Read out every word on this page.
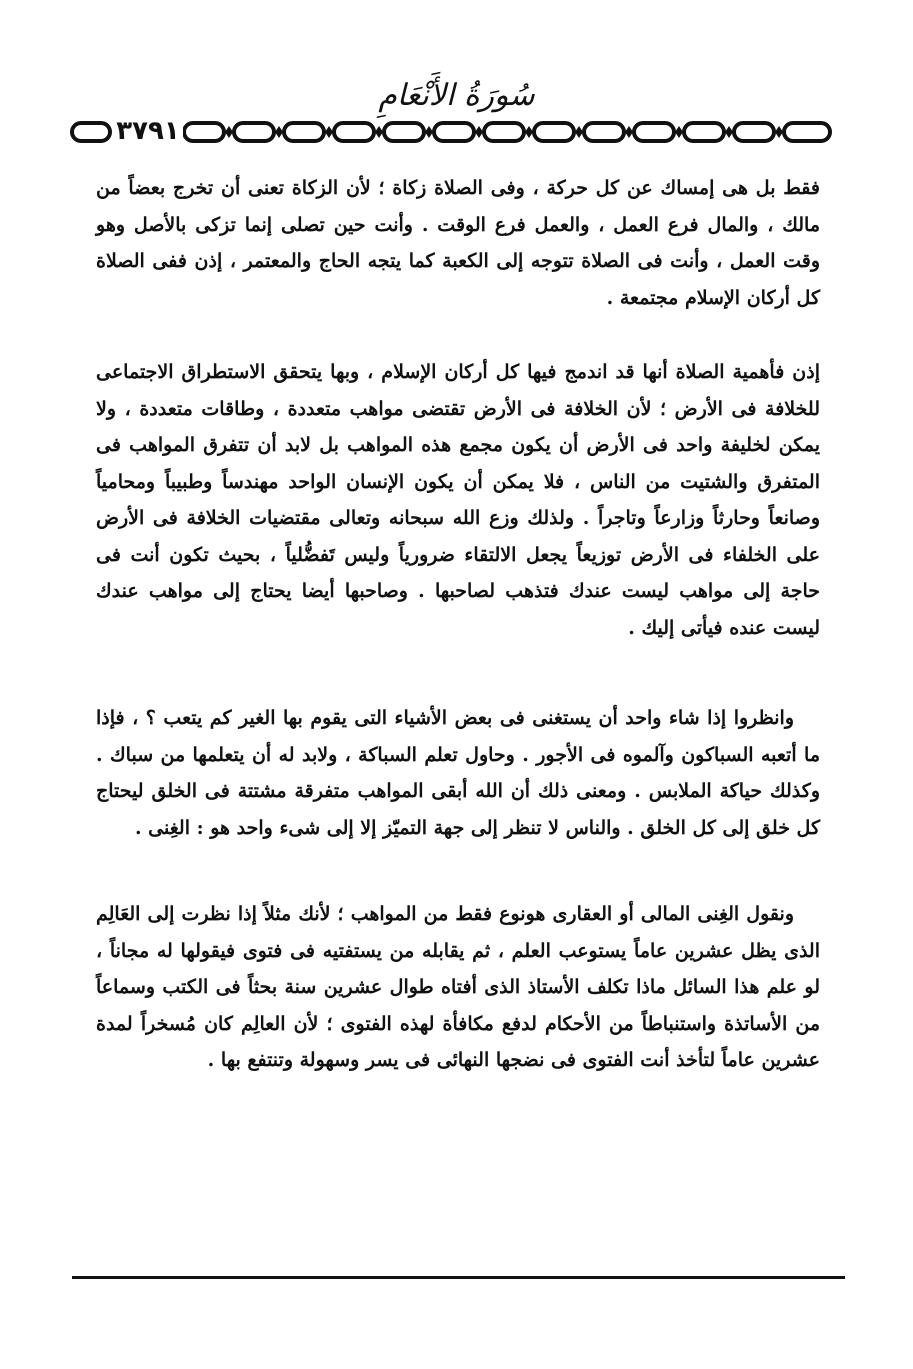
سُورَةُ الأَنْعَامِ
٣٧٩١

فقط بل هى إمساك عن كل حركة ، وفى الصلاة زكاة ؛ لأن الزكاة تعنى أن تخرج بعضاً من مالك ، والمال فرع العمل ، والعمل فرع الوقت . وأنت حين تصلى إنما تزكى بالأصل وهو وقت العمل ، وأنت فى الصلاة تتوجه إلى الكعبة كما يتجه الحاج والمعتمر ، إذن ففى الصلاة كل أركان الإسلام مجتمعة .

إذن فأهمية الصلاة أنها قد اندمج فيها كل أركان الإسلام ، وبها يتحقق الاستطراق الاجتماعى للخلافة فى الأرض ؛ لأن الخلافة فى الأرض تقتضى مواهب متعددة ، وطاقات متعددة ، ولا يمكن لخليفة واحد فى الأرض أن يكون مجمع هذه المواهب بل لابد أن تتفرق المواهب فى المتفرق والشتيت من الناس ، فلا يمكن أن يكون الإنسان الواحد مهندساً وطبيباً ومحامياً وصانعاً وحارثاً وزارعاً وتاجراً . ولذلك وزع الله سبحانه وتعالى مقتضيات الخلافة فى الأرض على الخلفاء فى الأرض توزيعاً يجعل الالتقاء ضرورياً وليس تَفضُّلياً ، بحيث تكون أنت فى حاجة إلى مواهب ليست عندك فتذهب لصاحبها . وصاحبها أيضا يحتاج إلى مواهب عندك ليست عنده فيأتى إليك .

وانظروا إذا شاء واحد أن يستغنى فى بعض الأشياء التى يقوم بها الغير كم يتعب ؟ ، فإذا ما أتعبه السباكون وآلموه فى الأجور . وحاول تعلم السباكة ، ولابد له أن يتعلمها من سباك . وكذلك حياكة الملابس . ومعنى ذلك أن الله أبقى المواهب متفرقة مشتتة فى الخلق ليحتاج كل خلق إلى كل الخلق . والناس لا تنظر إلى جهة التميّز إلا إلى شىء واحد هو : الغِنى .

ونقول الغِنى المالى أو العقارى هونوع فقط من المواهب ؛ لأنك مثلاً إذا نظرت إلى العَالِم الذى يظل عشرين عاماً يستوعب العلم ، ثم يقابله من يستفتيه فى فتوى فيقولها له مجاناً ، لو علم هذا السائل ماذا تكلف الأستاذ الذى أفتاه طوال عشرين سنة بحثاً فى الكتب وسماعاً من الأساتذة واستنباطاً من الأحكام لدفع مكافأة لهذه الفتوى ؛ لأن العالِم كان مُسخراً لمدة عشرين عاماً لتأخذ أنت الفتوى فى نضجها النهائى فى يسر وسهولة وتنتفع بها .
